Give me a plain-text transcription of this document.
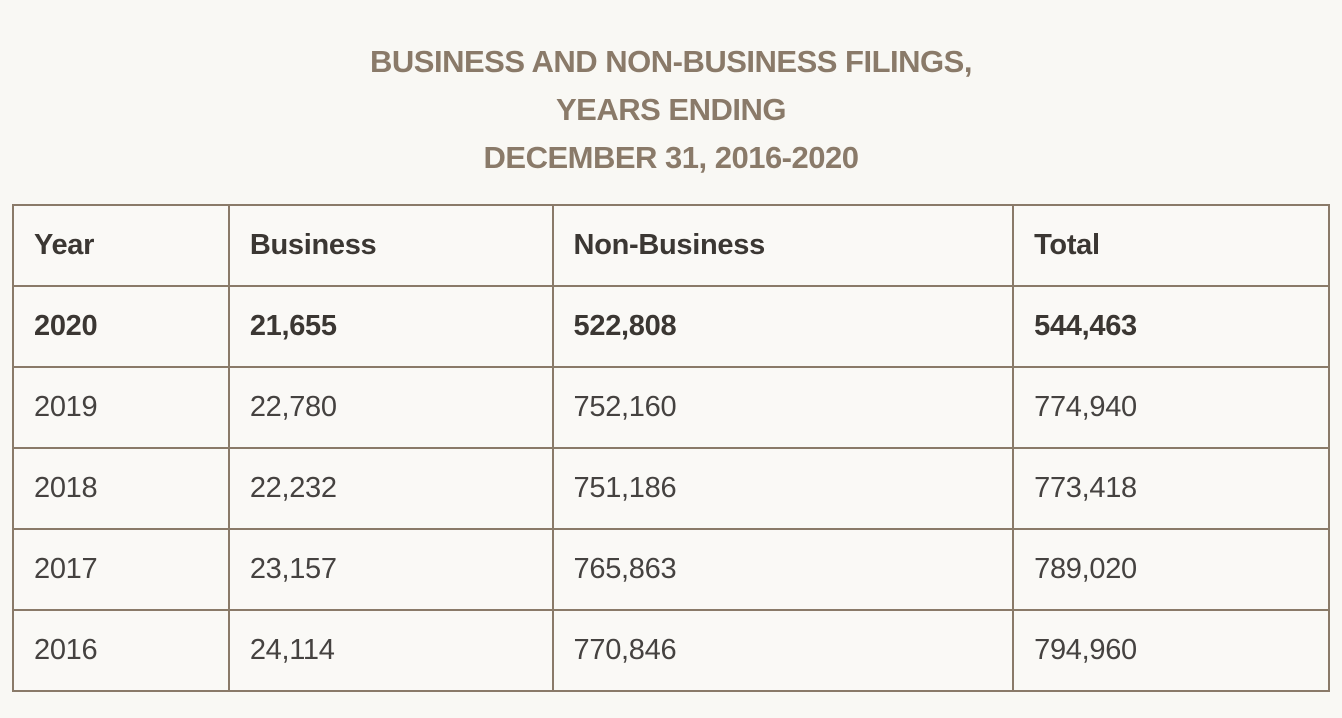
BUSINESS AND NON-BUSINESS FILINGS,
YEARS ENDING
DECEMBER 31, 2016-2020
Year	Business	Non-Business	Total
2020	21,655	522,808	544,463
2019	22,780	752,160	774,940
2018	22,232	751,186	773,418
2017	23,157	765,863	789,020
2016	24,114	770,846	794,960
